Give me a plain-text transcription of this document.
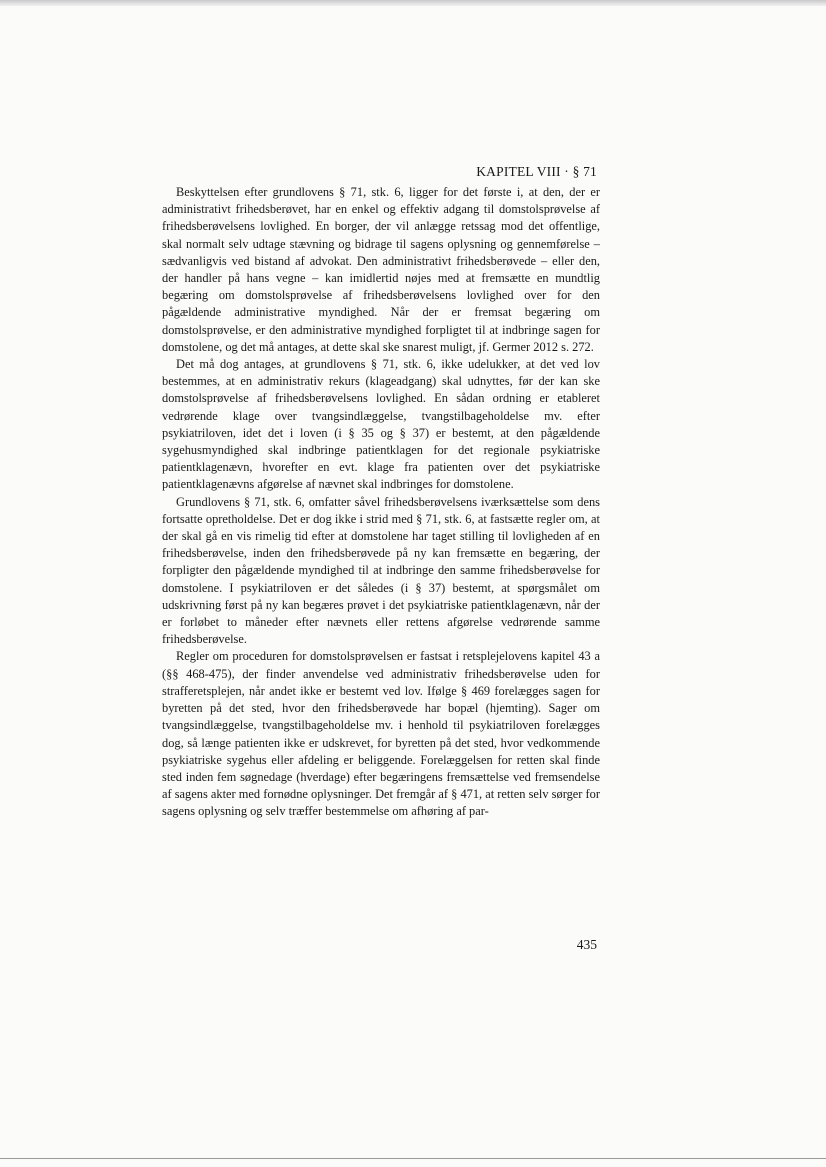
KAPITEL VIII · § 71

Beskyttelsen efter grundlovens § 71, stk. 6, ligger for det første i, at den, der er administrativt frihedsberøvet, har en enkel og effektiv adgang til domstolsprøvelse af frihedsberøvelsens lovlighed. En borger, der vil anlægge retssag mod det offentlige, skal normalt selv udtage stævning og bidrage til sagens oplysning og gennemførelse – sædvanligvis ved bistand af advokat. Den administrativt frihedsberøvede – eller den, der handler på hans vegne – kan imidlertid nøjes med at fremsætte en mundtlig begæring om domstolsprøvelse af frihedsberøvelsens lovlighed over for den pågældende administrative myndighed. Når der er fremsat begæring om domstolsprøvelse, er den administrative myndighed forpligtet til at indbringe sagen for domstolene, og det må antages, at dette skal ske snarest muligt, jf. Germer 2012 s. 272.

Det må dog antages, at grundlovens § 71, stk. 6, ikke udelukker, at det ved lov bestemmes, at en administrativ rekurs (klageadgang) skal udnyttes, før der kan ske domstolsprøvelse af frihedsberøvelsens lovlighed. En sådan ordning er etableret vedrørende klage over tvangsindlæggelse, tvangstilbageholdelse mv. efter psykiatriloven, idet det i loven (i § 35 og § 37) er bestemt, at den pågældende sygehusmyndighed skal indbringe patientklagen for det regionale psykiatriske patientklagenævn, hvorefter en evt. klage fra patienten over det psykiatriske patientklagenævns afgørelse af nævnet skal indbringes for domstolene.

Grundlovens § 71, stk. 6, omfatter såvel frihedsberøvelsens iværksættelse som dens fortsatte opretholdelse. Det er dog ikke i strid med § 71, stk. 6, at fastsætte regler om, at der skal gå en vis rimelig tid efter at domstolene har taget stilling til lovligheden af en frihedsberøvelse, inden den frihedsberøvede på ny kan fremsætte en begæring, der forpligter den pågældende myndighed til at indbringe den samme frihedsberøvelse for domstolene. I psykiatriloven er det således (i § 37) bestemt, at spørgsmålet om udskrivning først på ny kan begæres prøvet i det psykiatriske patientklagenævn, når der er forløbet to måneder efter nævnets eller rettens afgørelse vedrørende samme frihedsberøvelse.

Regler om proceduren for domstolsprøvelsen er fastsat i retsplejelovens kapitel 43 a (§§ 468-475), der finder anvendelse ved administrativ frihedsberøvelse uden for strafferetsplejen, når andet ikke er bestemt ved lov. Ifølge § 469 forelægges sagen for byretten på det sted, hvor den frihedsberøvede har bopæl (hjemting). Sager om tvangsindlæggelse, tvangstilbageholdelse mv. i henhold til psykiatriloven forelægges dog, så længe patienten ikke er udskrevet, for byretten på det sted, hvor vedkommende psykiatriske sygehus eller afdeling er beliggende. Forelæggelsen for retten skal finde sted inden fem søgnedage (hverdage) efter begæringens fremsættelse ved fremsendelse af sagens akter med fornødne oplysninger. Det fremgår af § 471, at retten selv sørger for sagens oplysning og selv træffer bestemmelse om afhøring af par-

435
